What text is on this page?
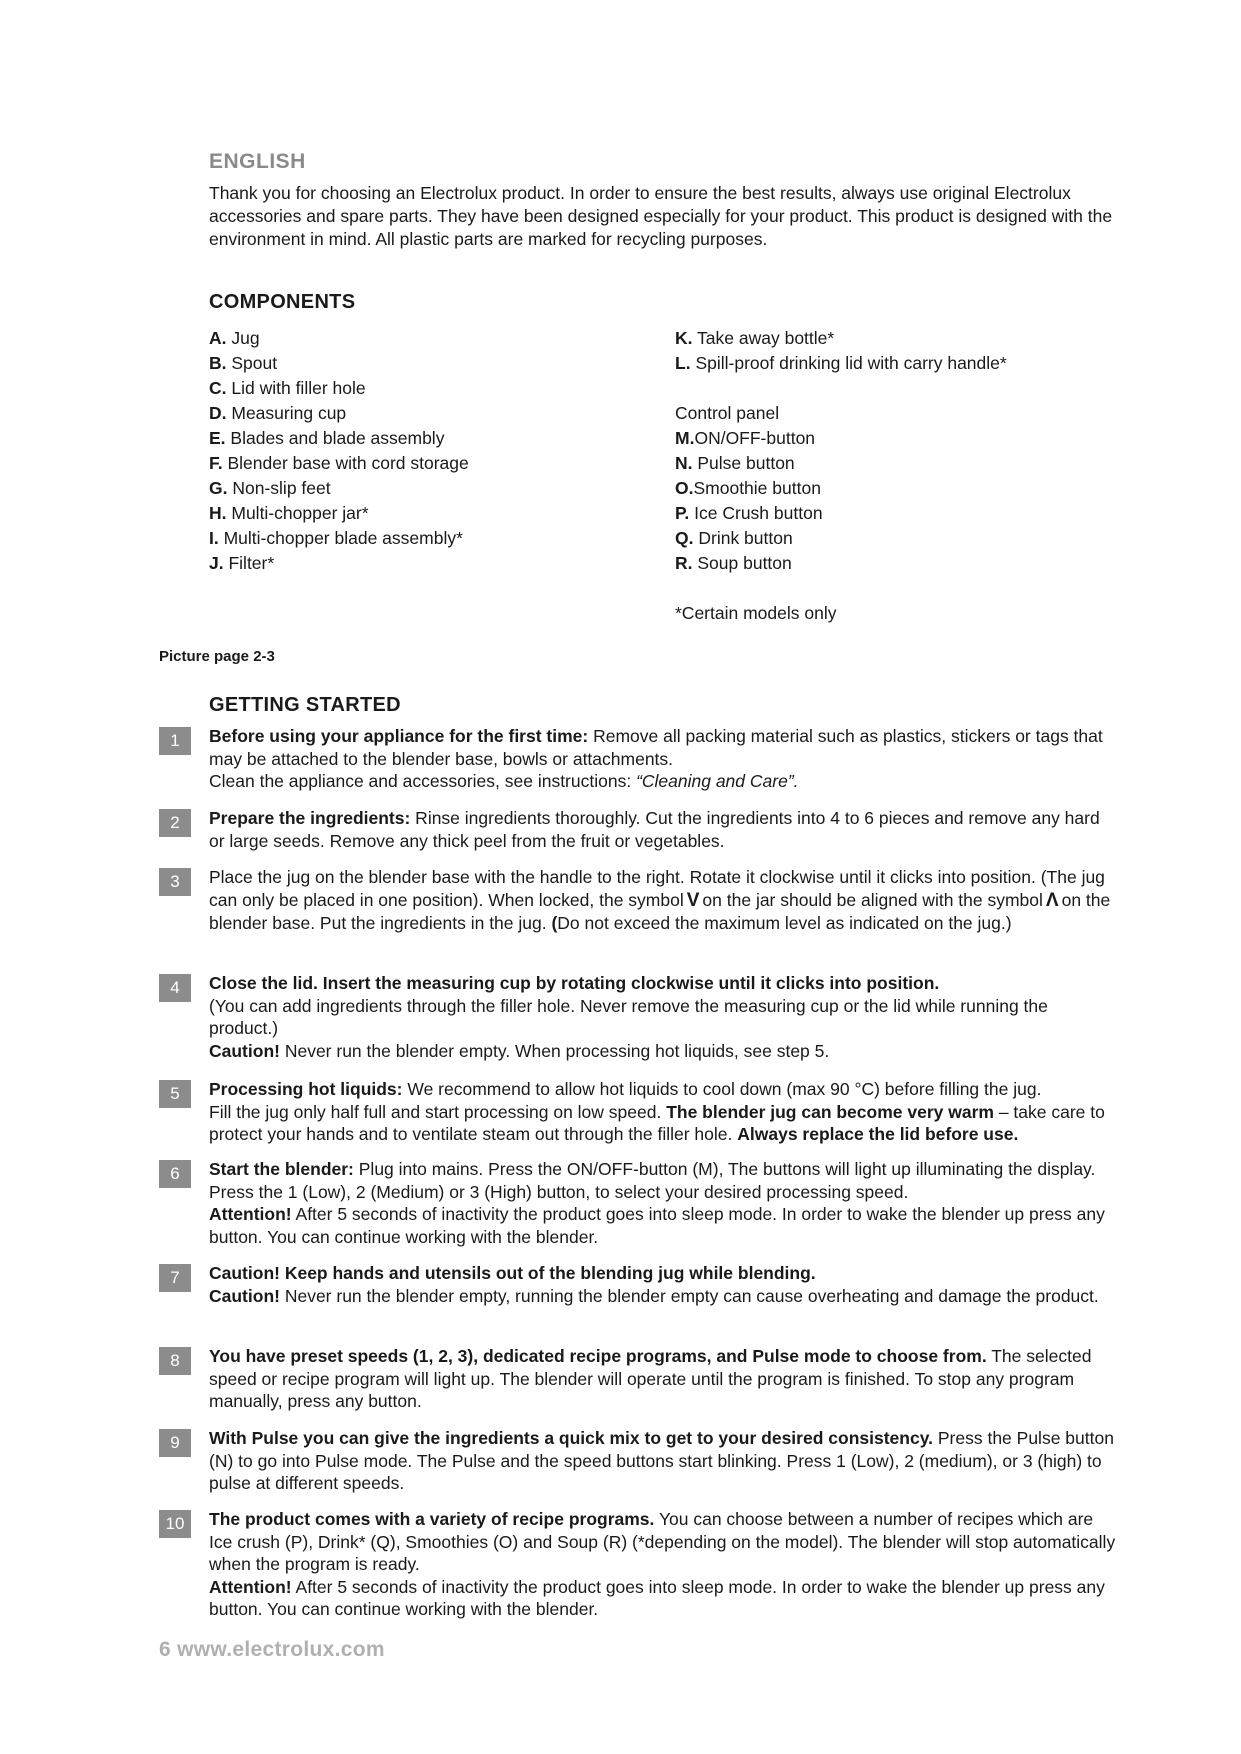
ENGLISH
Thank you for choosing an Electrolux product. In order to ensure the best results, always use original Electrolux accessories and spare parts. They have been designed especially for your product. This product is designed with the environment in mind. All plastic parts are marked for recycling purposes.
COMPONENTS
A. Jug
B. Spout
C. Lid with filler hole
D. Measuring cup
E. Blades and blade assembly
F. Blender base with cord storage
G. Non-slip feet
H. Multi-chopper jar*
I. Multi-chopper blade assembly*
J. Filter*
K. Take away bottle*
L. Spill-proof drinking lid with carry handle*
Control panel
M.ON/OFF-button
N. Pulse button
O.Smoothie button
P. Ice Crush button
Q. Drink button
R. Soup button
*Certain models only
Picture page 2-3
GETTING STARTED
1	Before using your appliance for the first time: Remove all packing material such as plastics, stickers or tags that may be attached to the blender base, bowls or attachments.
Clean the appliance and accessories, see instructions: “Cleaning and Care”.
2	Prepare the ingredients: Rinse ingredients thoroughly. Cut the ingredients into 4 to 6 pieces and remove any hard or large seeds. Remove any thick peel from the fruit or vegetables.
3	Place the jug on the blender base with the handle to the right. Rotate it clockwise until it clicks into position. (The jug can only be placed in one position). When locked, the symbol V on the jar should be aligned with the symbol Λ on the blender base. Put the ingredients in the jug. (Do not exceed the maximum level as indicated on the jug.)
4	Close the lid. Insert the measuring cup by rotating clockwise until it clicks into position.
(You can add ingredients through the filler hole. Never remove the measuring cup or the lid while running the product.)
Caution! Never run the blender empty. When processing hot liquids, see step 5.
5	Processing hot liquids: We recommend to allow hot liquids to cool down (max 90 °C) before filling the jug.
Fill the jug only half full and start processing on low speed. The blender jug can become very warm – take care to protect your hands and to ventilate steam out through the filler hole. Always replace the lid before use.
6	Start the blender: Plug into mains. Press the ON/OFF-button (M), The buttons will light up illuminating the display. Press the 1 (Low), 2 (Medium) or 3 (High) button, to select your desired processing speed.
Attention! After 5 seconds of inactivity the product goes into sleep mode. In order to wake the blender up press any button. You can continue working with the blender.
7	Caution! Keep hands and utensils out of the blending jug while blending.
Caution! Never run the blender empty, running the blender empty can cause overheating and damage the product.
8	You have preset speeds (1, 2, 3), dedicated recipe programs, and Pulse mode to choose from. The selected speed or recipe program will light up. The blender will operate until the program is finished. To stop any program manually, press any button.
9	With Pulse you can give the ingredients a quick mix to get to your desired consistency. Press the Pulse button (N) to go into Pulse mode. The Pulse and the speed buttons start blinking. Press 1 (Low), 2 (medium), or 3 (high) to pulse at different speeds.
10	The product comes with a variety of recipe programs. You can choose between a number of recipes which are Ice crush (P), Drink* (Q), Smoothies (O) and Soup (R) (*depending on the model). The blender will stop automatically when the program is ready.
Attention! After 5 seconds of inactivity the product goes into sleep mode. In order to wake the blender up press any button. You can continue working with the blender.
6 www.electrolux.com
